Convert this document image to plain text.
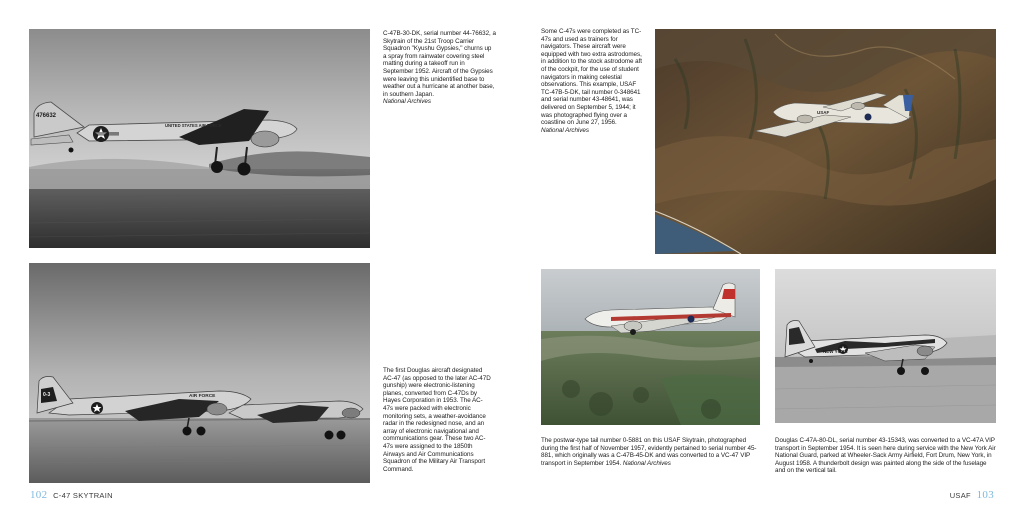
476632
UNITED STATES AIR FORCE
C-47B-30-DK, serial number 44-76632, a Skytrain of the 21st Troop Carrier Squadron "Kyushu Gypsies," churns up a spray from rainwater covering steel matting during a takeoff run in September 1952. Aircraft of the Gypsies were leaving this unidentified base to weather out a hurricane at another base, in southern Japan.
National Archives
USAF
Some C-47s were completed as TC-47s and used as trainers for navigators. These aircraft were equipped with two extra astrodomes, in addition to the stock astrodome aft of the cockpit, for the use of student navigators in making celestial observations. This example, USAF TC-47B-5-DK, tail number 0-348641 and serial number 43-48641, was delivered on September 5, 1944; it was photographed flying over a coastline on June 27, 1956.
National Archives
0-3	AIR FORCE
The first Douglas aircraft designated AC-47 (as opposed to the later AC-47D gunship) were electronic-listening planes, converted from C-47Ds by Hayes Corporation in 1953. The AC-47s were packed with electronic monitoring sets, a weather-avoidance radar in the redesigned nose, and an array of electronic navigational and communications gear. These two AC-47s were assigned to the 1850th Airways and Air Communications Squadron of the Military Air Transport Command.
The postwar-type tail number 0-5881 on this USAF Skytrain, photographed during the first half of November 1957, evidently pertained to serial number 45-881, which originally was a C-47B-45-DK and was converted to a VC-47 VIP transport in September 1954. National Archives
NEW YORK
Douglas C-47A-80-DL, serial number 43-15343, was converted to a VC-47A VIP transport in September 1954. It is seen here during service with the New York Air National Guard, parked at Wheeler-Sack Army Airfield, Fort Drum, New York, in August 1958. A thunderbolt design was painted along the side of the fuselage and on the vertical tail.
102 C-47 SKYTRAIN	USAF 103
